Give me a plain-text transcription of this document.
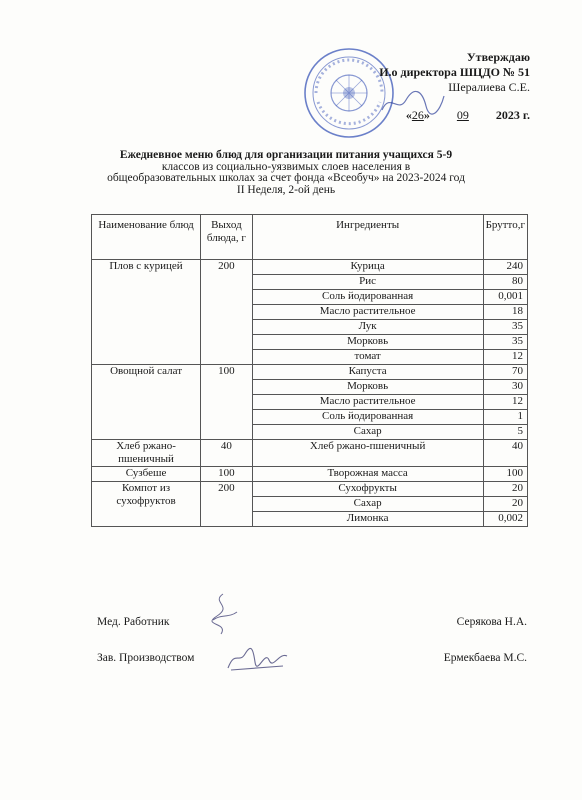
Утверждаю
И.о директора ШЦДО № 51
Шералиева С.Е.
«26» 09 2023 г.
Ежедневное меню блюд для организации питания учащихся 5-9
классов из социально-уязвимых слоев населения в
общеобразовательных школах за счет фонда «Всеобуч» на 2023-2024 год
II Неделя, 2-ой день
Наименование блюд	Выход блюда, г	Ингредиенты	Брутто,г
Плов с курицей	200	Курица	240
		Рис	80
		Соль йодированная	0,001
		Масло растительное	18
		Лук	35
		Морковь	35
		томат	12
Овощной салат	100	Капуста	70
		Морковь	30
		Масло растительное	12
		Соль йодированная	1
		Сахар	5
Хлеб ржано-пшеничный	40	Хлеб ржано-пшеничный	40
Сузбеше	100	Творожная масса	100
Компот из сухофруктов	200	Сухофрукты	20
		Сахар	20
		Лимонка	0,002
Мед. Работник	Серякова Н.А.
Зав. Производством	Ермекбаева М.С.
